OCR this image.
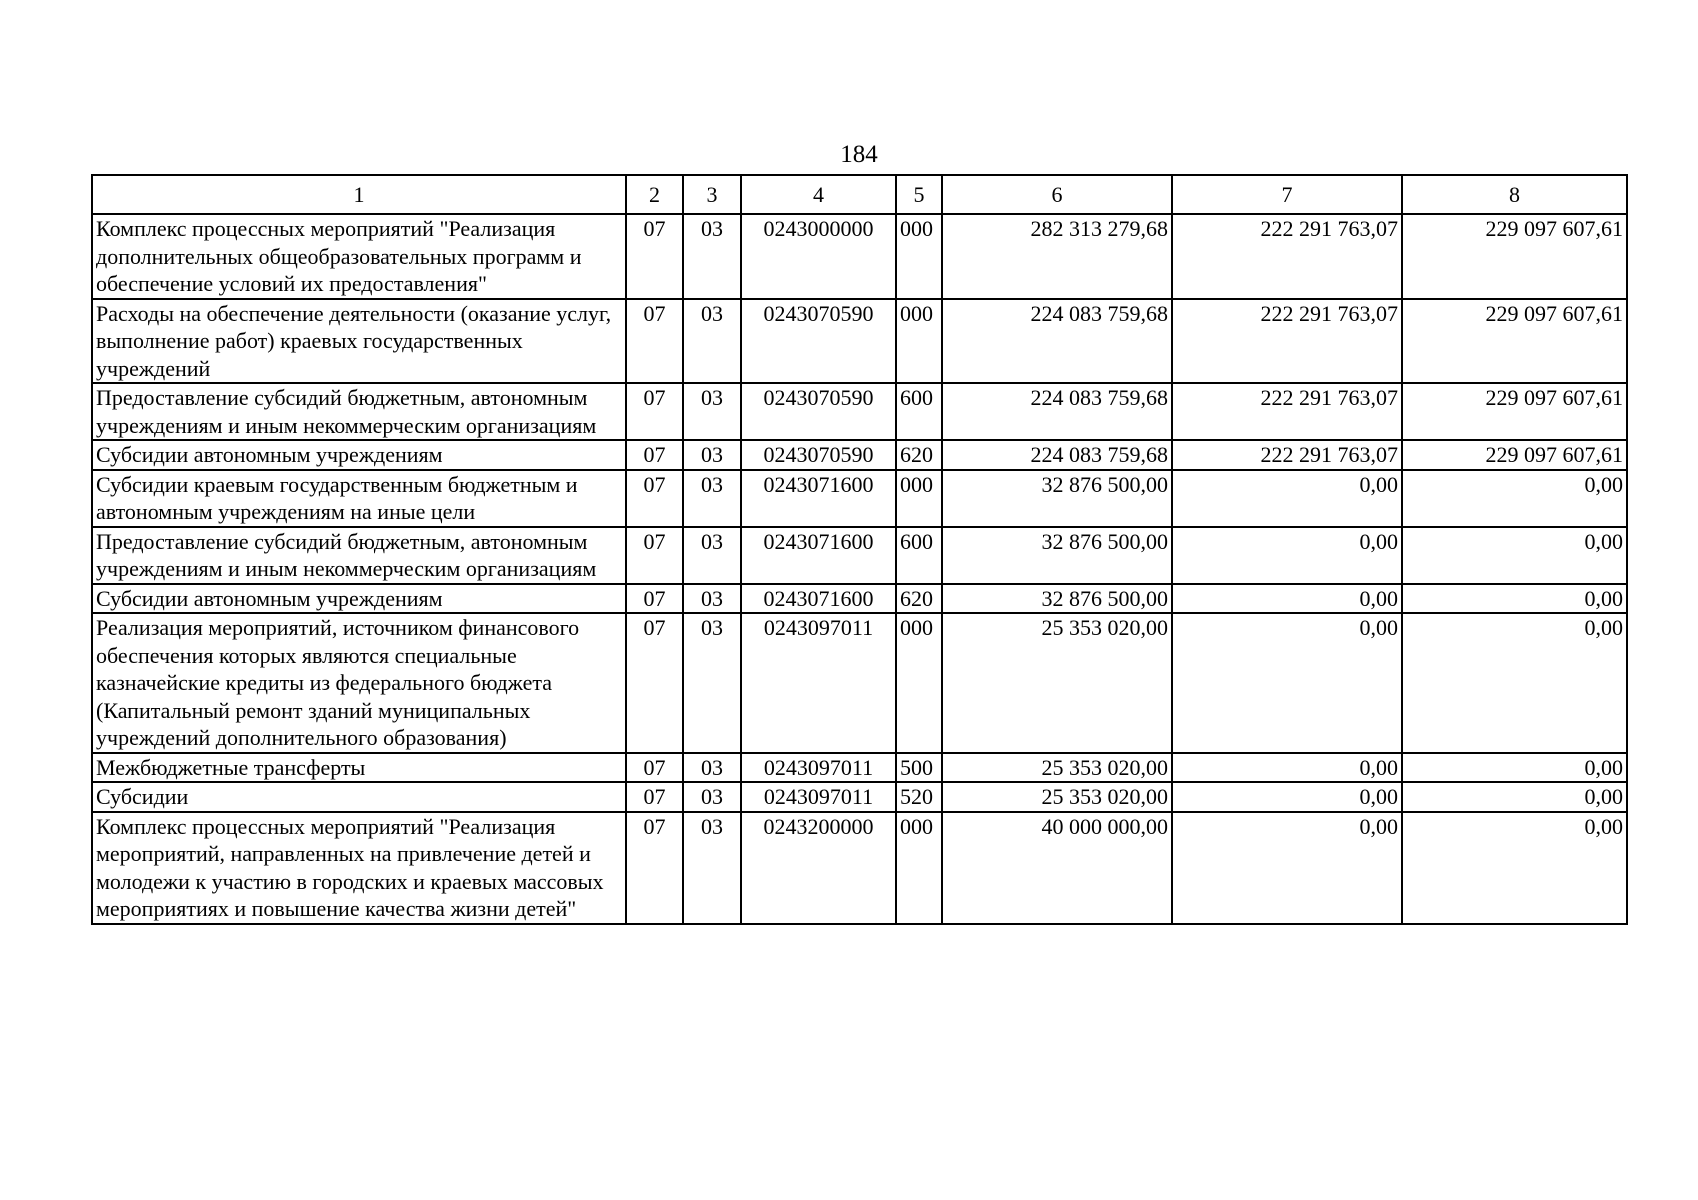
184
1	2	3	4	5	6	7	8
Комплекс процессных мероприятий "Реализация дополнительных общеобразовательных программ и обеспечение условий их предоставления"	07	03	0243000000	000	282 313 279,68	222 291 763,07	229 097 607,61
Расходы на обеспечение деятельности (оказание услуг, выполнение работ) краевых государственных учреждений	07	03	0243070590	000	224 083 759,68	222 291 763,07	229 097 607,61
Предоставление субсидий бюджетным, автономным учреждениям и иным некоммерческим организациям	07	03	0243070590	600	224 083 759,68	222 291 763,07	229 097 607,61
Субсидии автономным учреждениям	07	03	0243070590	620	224 083 759,68	222 291 763,07	229 097 607,61
Субсидии краевым государственным бюджетным и автономным учреждениям на иные цели	07	03	0243071600	000	32 876 500,00	0,00	0,00
Предоставление субсидий бюджетным, автономным учреждениям и иным некоммерческим организациям	07	03	0243071600	600	32 876 500,00	0,00	0,00
Субсидии автономным учреждениям	07	03	0243071600	620	32 876 500,00	0,00	0,00
Реализация мероприятий, источником финансового обеспечения которых являются специальные казначейские кредиты из федерального бюджета (Капитальный ремонт зданий муниципальных учреждений дополнительного образования)	07	03	0243097011	000	25 353 020,00	0,00	0,00
Межбюджетные трансферты	07	03	0243097011	500	25 353 020,00	0,00	0,00
Субсидии	07	03	0243097011	520	25 353 020,00	0,00	0,00
Комплекс процессных мероприятий "Реализация мероприятий, направленных на привлечение детей и молодежи к участию в городских и краевых массовых мероприятиях и повышение качества жизни детей"	07	03	0243200000	000	40 000 000,00	0,00	0,00
